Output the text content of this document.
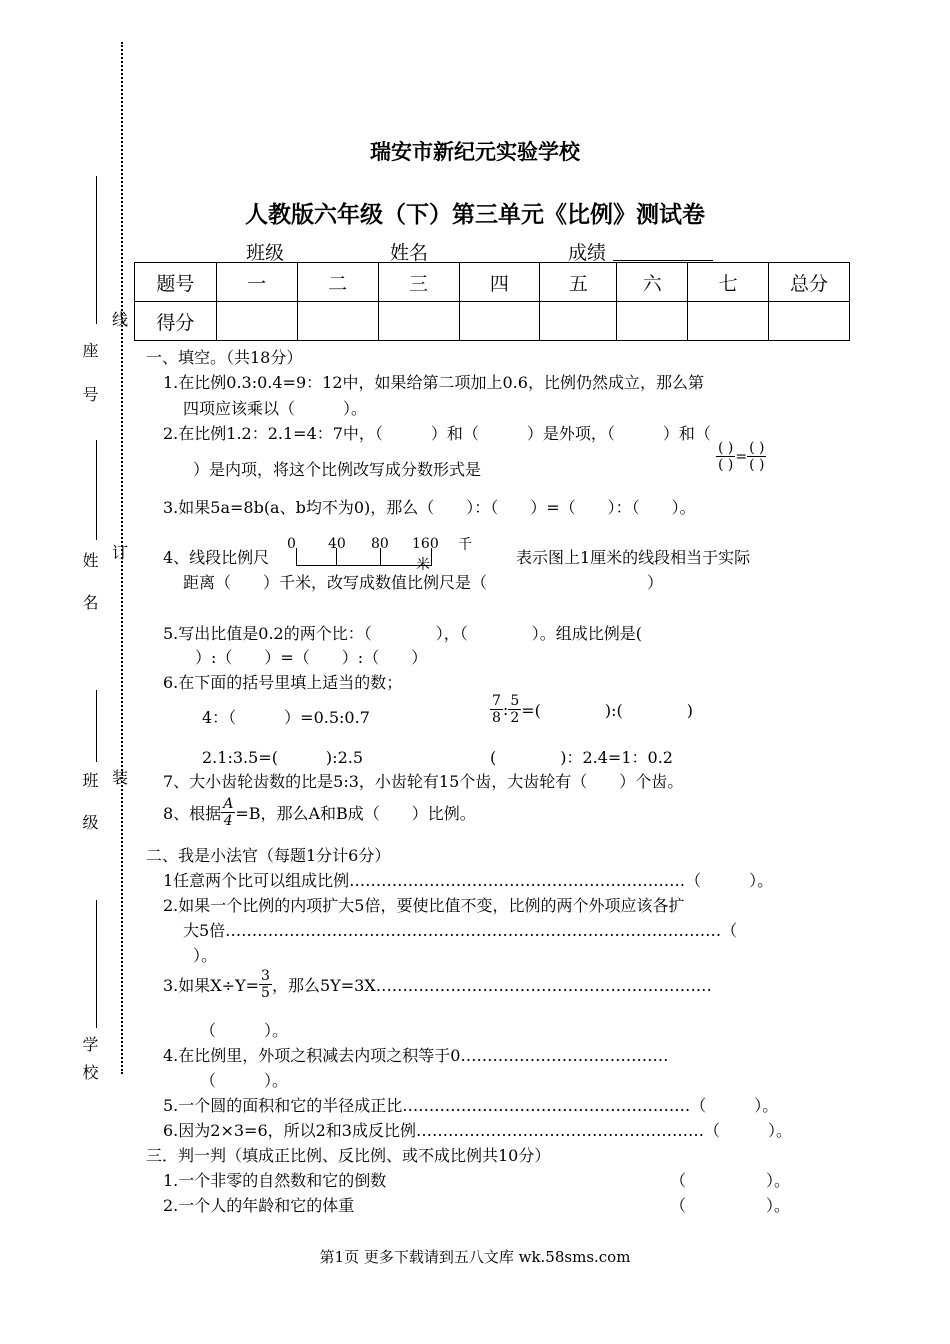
线
订
装
座号
姓名
班级
学校
瑞安市新纪元实验学校
人教版六年级（下）第三单元《比例》测试卷
班级	姓名	成绩
题号	一	二	三	四	五	六	七	总分
得分								
一、填空。（共18分）
1.在比例0.3:0.4=9：12中，如果给第二项加上0.6，比例仍然成立，那么第
四项应该乘以（　　　）。
2.在比例1.2：2.1=4：7中，（　　　）和（　　　）是外项，（　　　）和（
）是内项，将这个比例改写成分数形式是	$\frac{( )}{( )} = \frac{( )}{( )}$
3.如果5a=8b(a、b均不为0)，那么（　　）：（　　）=（　　）：（　　）。
4、线段比例尺
0 40 80 160 千
米	表示图上1厘米的线段相当于实际
距离（　　）千米，改写成数值比例尺是（　　　　　　　　　　）
5.写出比值是0.2的两个比：（　　　　），（　　　　）。组成比例是(
）:（　　）=（　　）:（　　）
6.在下面的括号里填上适当的数；
4：（　　　）=0.5:0.7	$\frac{7}{8}$ : $\frac{5}{2}$ =(　　　　):(　　　　)
2.1:3.5=(　　　):2.5	(　　　　)：2.4=1：0.2
7、大小齿轮齿数的比是5:3，小齿轮有15个齿，大齿轮有（　　）个齿。
8、根据 $\frac{A}{4} =B$，那么A和B成（　　）比例。
二、我是小法官（每题1分计6分）
1任意两个比可以组成比例………………………………………………………（　　　）。
2.如果一个比例的内项扩大5倍，要使比值不变，比例的两个外项应该各扩
大5倍…………………………………………………………………………………（
）。
3.如果$X\div Y= \frac{3}{5}$ ，那么5Y=3X………………………………………………………
（　　　）。
4.在比例里，外项之积减去内项之积等于0…………………………………
（　　　）。
5.一个圆的面积和它的半径成正比………………………………………………（　　　）。
6.因为2×3=6，所以2和3成反比例………………………………………………（　　　）。
三．判一判（填成正比例、反比例、或不成比例共10分）
1.一个非零的自然数和它的倒数	（　　　　　）。
2.一个人的年龄和它的体重	（　　　　　）。
第1页 更多下载请到五八文库 wk.58sms.com
